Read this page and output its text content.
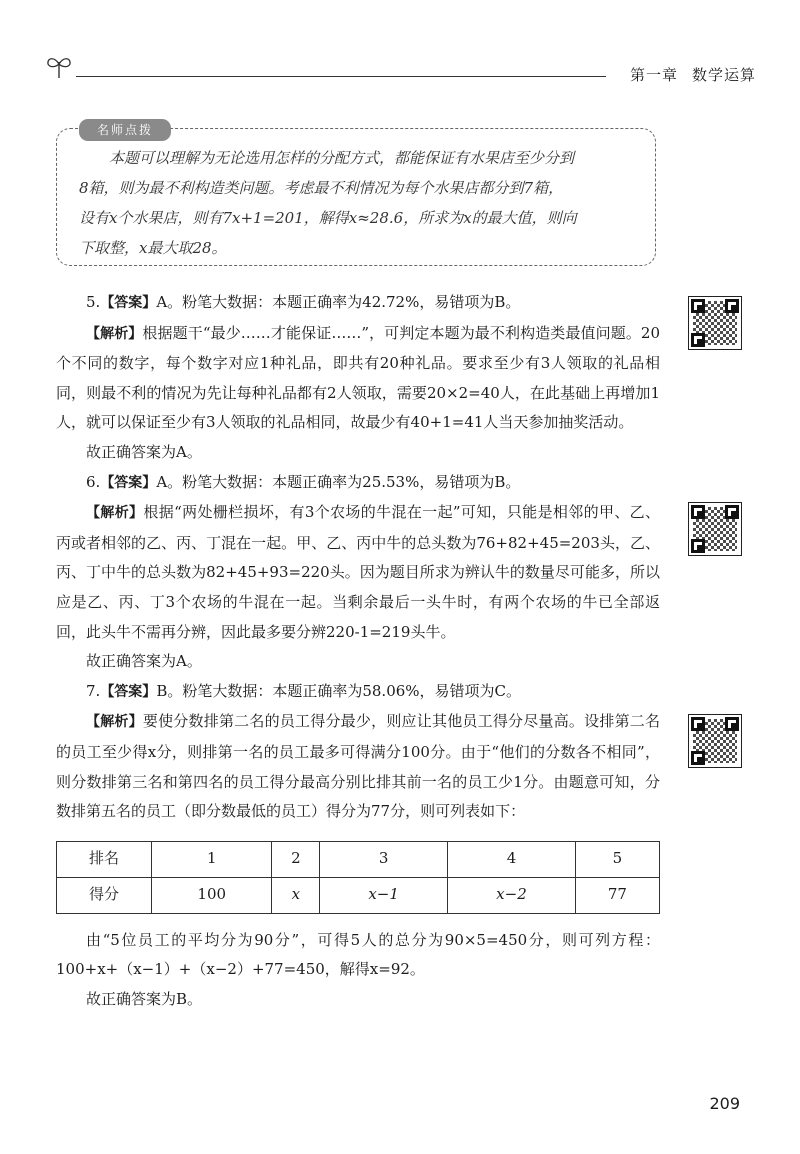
第一章 数学运算
名师点拨

本题可以理解为无论选用怎样的分配方式，都能保证有水果店至少分到

8箱，则为最不利构造类问题。考虑最不利情况为每个水果店都分到7箱，

设有x个水果店，则有7x+1=201，解得x≈28.6，所求为x的最大值，则向

下取整，x最大取28。

5.【答案】A。粉笔大数据：本题正确率为42.72%，易错项为B。

【解析】根据题干“最少……才能保证……”，可判定本题为最不利构造类最值问题。20个不同的数字，每个数字对应1种礼品，即共有20种礼品。要求至少有3人领取的礼品相同，则最不利的情况为先让每种礼品都有2人领取，需要20×2=40人，在此基础上再增加1人，就可以保证至少有3人领取的礼品相同，故最少有40+1=41人当天参加抽奖活动。

故正确答案为A。

6.【答案】A。粉笔大数据：本题正确率为25.53%，易错项为B。

【解析】根据“两处栅栏损坏，有3个农场的牛混在一起”可知，只能是相邻的甲、乙、丙或者相邻的乙、丙、丁混在一起。甲、乙、丙中牛的总头数为76+82+45=203头，乙、丙、丁中牛的总头数为82+45+93=220头。因为题目所求为辨认牛的数量尽可能多，所以应是乙、丙、丁3个农场的牛混在一起。当剩余最后一头牛时，有两个农场的牛已全部返回，此头牛不需再分辨，因此最多要分辨220-1=219头牛。

故正确答案为A。

7.【答案】B。粉笔大数据：本题正确率为58.06%，易错项为C。

【解析】要使分数排第二名的员工得分最少，则应让其他员工得分尽量高。设排第二名的员工至少得x分，则排第一名的员工最多可得满分100分。由于“他们的分数各不相同”，则分数排第三名和第四名的员工得分最高分别比排其前一名的员工少1分。由题意可知，分数排第五名的员工（即分数最低的员工）得分为77分，则可列表如下：

排名	1	2	3	4	5
得分	100	x	x−1	x−2	77

由“5位员工的平均分为90分”，可得5人的总分为90×5=450分，则可列方程：100+x+（x−1）+（x−2）+77=450，解得x=92。

故正确答案为B。

209
